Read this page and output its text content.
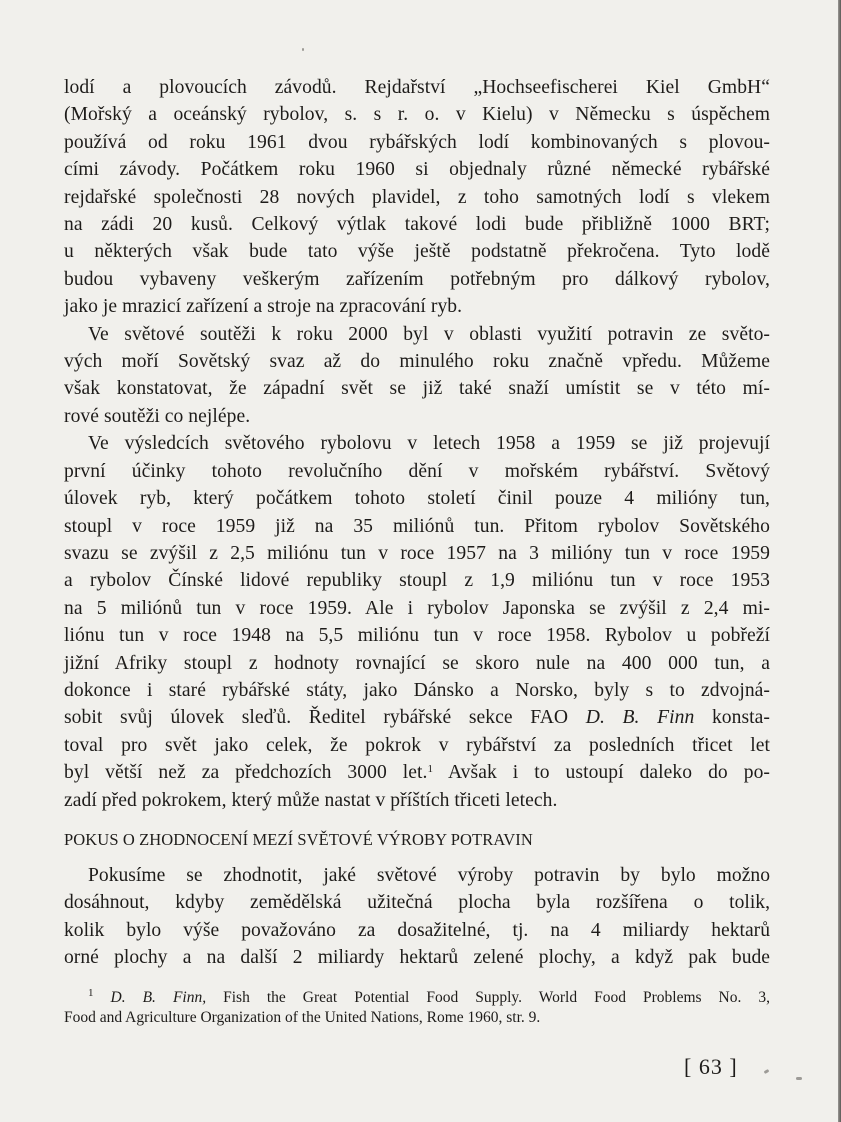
lodí a plovoucích závodů. Rejdařství „Hochseefischerei Kiel GmbH“
(Mořský a oceánský rybolov, s. s r. o. v Kielu) v Německu s úspěchem
používá od roku 1961 dvou rybářských lodí kombinovaných s plovou-
cími závody. Počátkem roku 1960 si objednaly různé německé rybářské
rejdařské společnosti 28 nových plavidel, z toho samotných lodí s vlekem
na zádi 20 kusů. Celkový výtlak takové lodi bude přibližně 1000 BRT;
u některých však bude tato výše ještě podstatně překročena. Tyto lodě
budou vybaveny veškerým zařízením potřebným pro dálkový rybolov,
jako je mrazicí zařízení a stroje na zpracování ryb.

Ve světové soutěži k roku 2000 byl v oblasti využití potravin ze světo-
vých moří Sovětský svaz až do minulého roku značně vpředu. Můžeme
však konstatovat, že západní svět se již také snaží umístit se v této mí-
rové soutěži co nejlépe.

Ve výsledcích světového rybolovu v letech 1958 a 1959 se již projevují
první účinky tohoto revolučního dění v mořském rybářství. Světový
úlovek ryb, který počátkem tohoto století činil pouze 4 milióny tun,
stoupl v roce 1959 již na 35 miliónů tun. Přitom rybolov Sovětského
svazu se zvýšil z 2,5 miliónu tun v roce 1957 na 3 milióny tun v roce 1959
a rybolov Čínské lidové republiky stoupl z 1,9 miliónu tun v roce 1953
na 5 miliónů tun v roce 1959. Ale i rybolov Japonska se zvýšil z 2,4 mi-
liónu tun v roce 1948 na 5,5 miliónu tun v roce 1958. Rybolov u pobřeží
jižní Afriky stoupl z hodnoty rovnající se skoro nule na 400 000 tun, a
dokonce i staré rybářské státy, jako Dánsko a Norsko, byly s to zdvojná-
sobit svůj úlovek sleďů. Ředitel rybářské sekce FAO D. B. Finn konsta-
toval pro svět jako celek, že pokrok v rybářství za posledních třicet let
byl větší než za předchozích 3000 let.$^1$ Avšak i to ustoupí daleko do po-
zadí před pokrokem, který může nastat v příštích třiceti letech.

POKUS O ZHODNOCENÍ MEZÍ SVĚTOVÉ VÝROBY POTRAVIN
Pokusíme se zhodnotit, jaké světové výroby potravin by bylo možno
dosáhnout, kdyby zemědělská užitečná plocha byla rozšířena o tolik,
kolik bylo výše považováno za dosažitelné, tj. na 4 miliardy hektarů
orné plochy a na další 2 miliardy hektarů zelené plochy, a když pak bude
$^1$ D. B. Finn, Fish the Great Potential Food Supply. World Food Problems No. 3,
Food and Agriculture Organization of the United Nations, Rome 1960, str. 9.
[ 63 ]
